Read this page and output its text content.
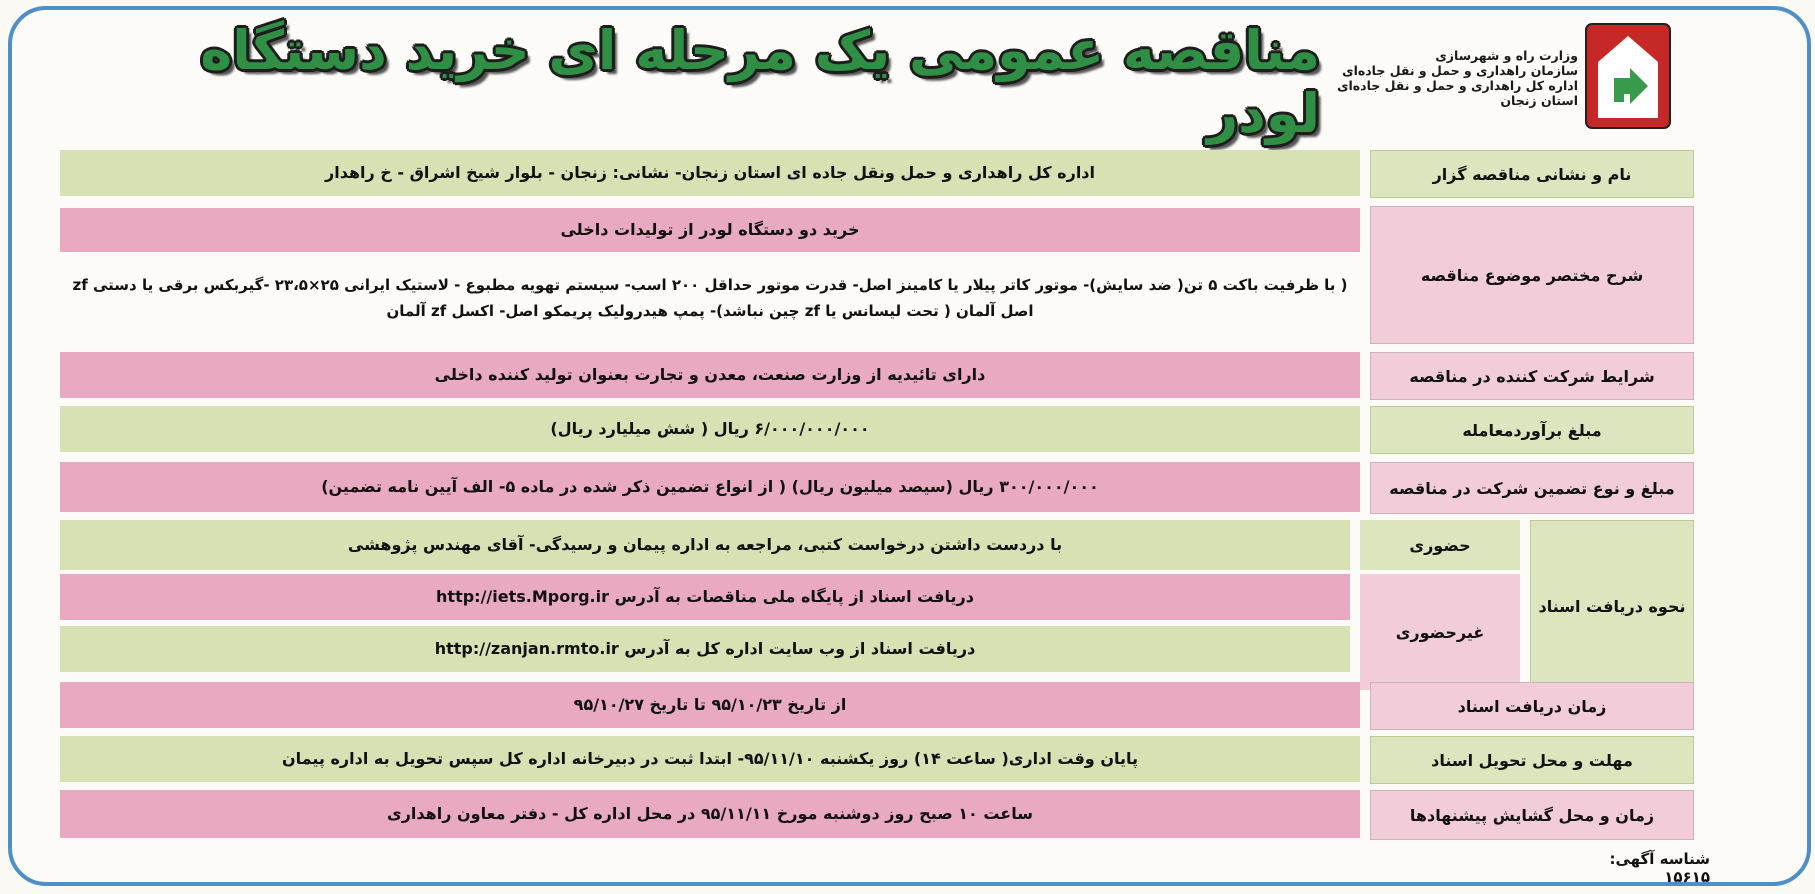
مناقصه عمومی یک مرحله ای خرید دستگاه لودر
وزارت راه و شهرسازی
سازمان راهداری و حمل و نقل جاده‌ای
اداره کل راهداری و حمل و نقل جاده‌ای
استان زنجان
نام و نشانی مناقصه گزار
اداره کل راهداری و حمل ونقل جاده ای استان زنجان- نشانی: زنجان - بلوار شیخ اشراق - خ راهدار
شرح مختصر موضوع مناقصه
خرید دو دستگاه لودر از تولیدات داخلی
( با ظرفیت باکت ۵ تن( ضد سایش)- موتور کاتر پیلار یا کامینز اصل- قدرت موتور حداقل ۲۰۰ اسب- سیستم تهویه مطبوع - لاستیک ایرانی ۲۵×۲۳،۵ -گیربکس برقی یا دستی zf
اصل آلمان ( تحت لیسانس یا zf چین نباشد)- پمپ هیدرولیک پریمکو اصل- اکسل zf آلمان
شرایط شرکت کننده در مناقصه
دارای تائیدیه از وزارت صنعت، معدن و تجارت بعنوان تولید کننده داخلی
مبلغ برآوردمعامله
۶/۰۰۰/۰۰۰/۰۰۰ ریال ( شش میلیارد ریال)
مبلغ و نوع تضمین شرکت در مناقصه
۳۰۰/۰۰۰/۰۰۰ ریال (سیصد میلیون ریال) ( از انواع تضمین ذکر شده در ماده ۵- الف آیین نامه تضمین)
نحوه دریافت اسناد
حضوری
با دردست داشتن درخواست کتبی، مراجعه به اداره پیمان و رسیدگی- آقای مهندس پژوهشی
غیرحضوری
دریافت اسناد از پایگاه ملی مناقصات به آدرس http://iets.Mporg.ir
دریافت اسناد از وب سایت اداره کل به آدرس http://zanjan.rmto.ir
زمان دریافت اسناد
از تاریخ ۹۵/۱۰/۲۳ تا تاریخ ۹۵/۱۰/۲۷
مهلت و محل تحویل اسناد
پایان وقت اداری( ساعت ۱۴) روز یکشنبه ۹۵/۱۱/۱۰- ابتدا ثبت در دبیرخانه اداره کل سپس تحویل به اداره پیمان
زمان و محل گشایش پیشنهادها
ساعت ۱۰ صبح روز دوشنبه مورخ ۹۵/۱۱/۱۱ در محل اداره کل - دفتر معاون راهداری
شناسه آگهی: ۱۵۶۱۵
